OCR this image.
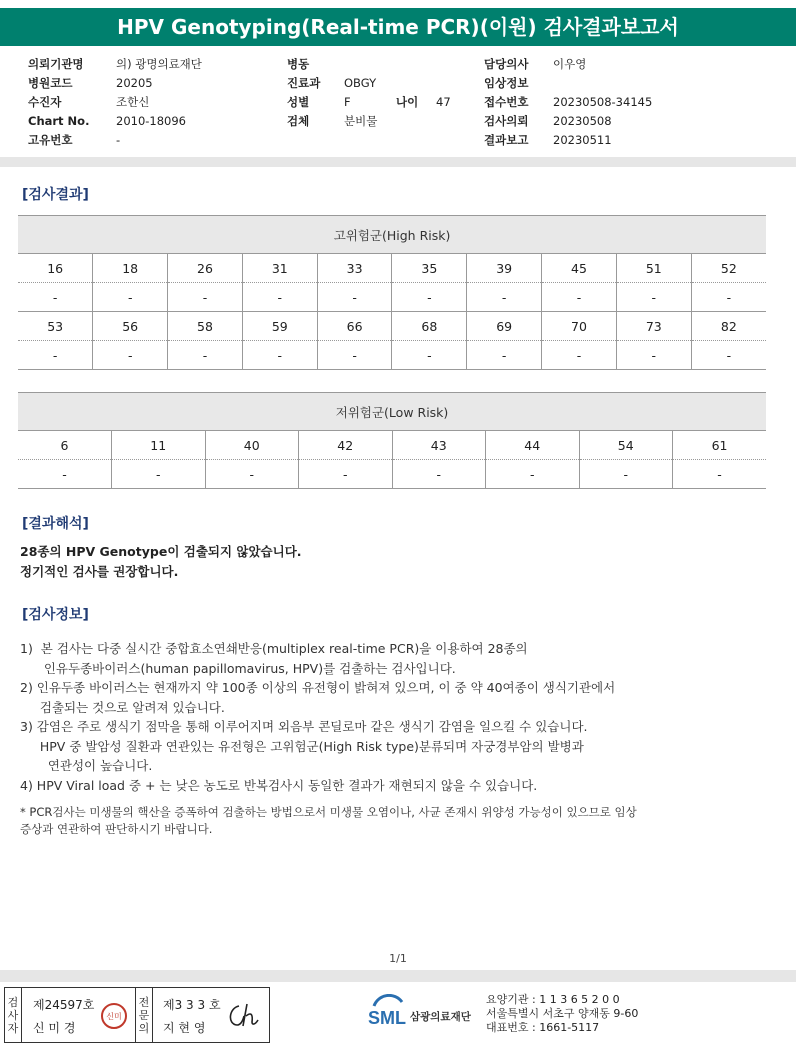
HPV Genotyping(Real-time PCR)(이원) 검사결과보고서
의뢰기관명	의) 광명의료재단
병원코드	20205
수진자	조한신
Chart No. 2010-18096
고유번호	-
병동
진료과 OBGY
성별	F	나이 47
검체	분비물
담당의사 이우영
임상정보
접수번호 20230508-34145
검사의뢰 20230508
결과보고 20230511
[검사결과]
고위험군(High Risk)									
16	18	26	31	33	35	39	45	51	52
-	-	-	-	-	-	-	-	-	-
53	56	58	59	66	68	69	70	73	82
-	-	-	-	-	-	-	-	-	-
저위험군(Low Risk)							
6	11	40	42	43	44	54	61
-	-	-	-	-	-	-	-
[결과해석]
28종의 HPV Genotype이 검출되지 않았습니다.
정기적인 검사를 권장합니다.
[검사정보]
1)  본 검사는 다중 실시간 중합효소연쇄반응(multiplex real-time PCR)을 이용하여 28종의
인유두종바이러스(human papillomavirus, HPV)를 검출하는 검사입니다.
2) 인유두종 바이러스는 현재까지 약 100종 이상의 유전형이 밝혀져 있으며, 이 중 약 40여종이 생식기관에서
검출되는 것으로 알려져 있습니다.
3) 감염은 주로 생식기 점막을 통해 이루어지며 외음부 콘딜로마 같은 생식기 감염을 일으킬 수 있습니다.
HPV 중 발암성 질환과 연관있는 유전형은 고위험군(High Risk type)분류되며 자궁경부암의 발병과
연관성이 높습니다.
4) HPV Viral load 중 + 는 낮은 농도로 반복검사시 동일한 결과가 재현되지 않을 수 있습니다.
* PCR검사는 미생물의 핵산을 증폭하여 검출하는 방법으로서 미생물 오염이나, 사균 존재시 위양성 가능성이 있으므로 임상
증상과 연관하여 판단하시기 바랍니다.
1/1
검
사
자
제24597호
신 미 경
신미
전
문
의
제3 3 3 호
지 현 영	SML 삼광의료재단
요양기관 : 1 1 3 6 5 2 0 0
서울특별시 서초구 양재동 9-60
대표번호 : 1661-5117
